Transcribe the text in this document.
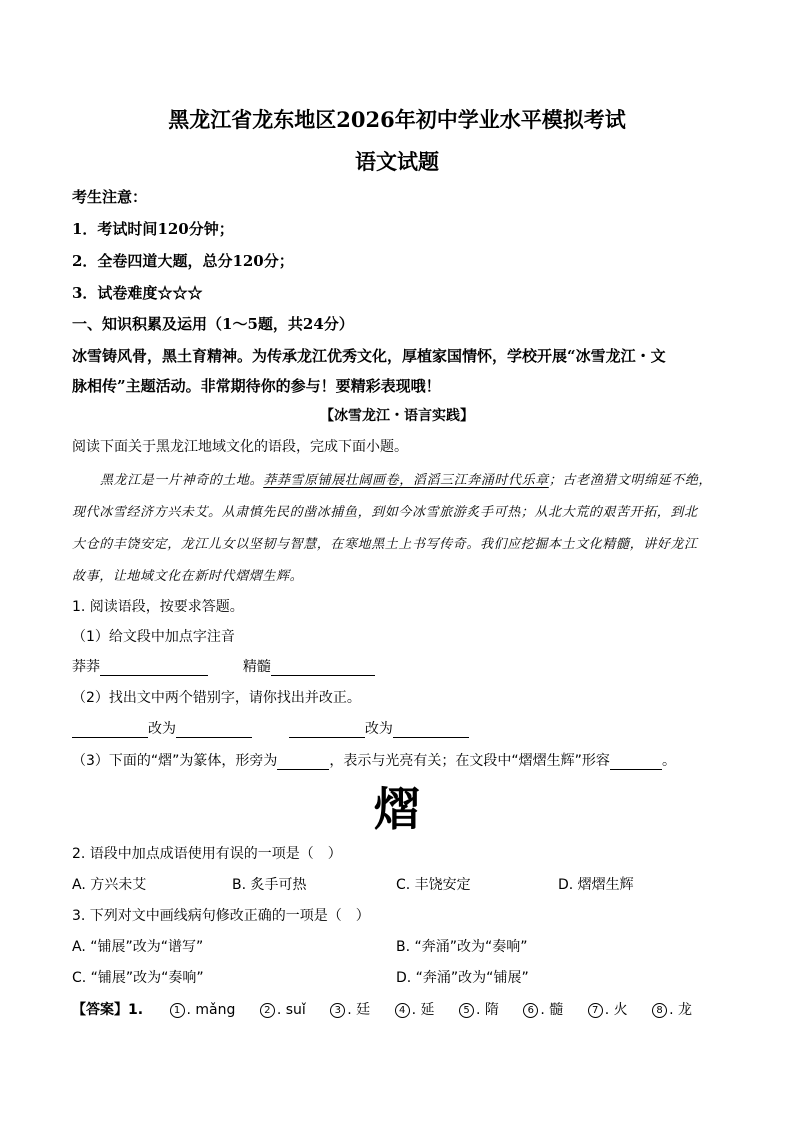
黑龙江省龙东地区2026年初中学业水平模拟考试
语文试题
考生注意：
1．考试时间120分钟；
2．全卷四道大题，总分120分；
3．试卷难度☆☆☆
一、知识积累及运用（1～5题，共24分）
冰雪铸风骨，黑土育精神。为传承龙江优秀文化，厚植家国情怀，学校开展“冰雪龙江・文
脉相传”主题活动。非常期待你的参与！要精彩表现哦！
【冰雪龙江・语言实践】
阅读下面关于黑龙江地域文化的语段，完成下面小题。
黑龙江是一片神奇的土地。莽莽雪原铺展壮阔画卷，滔滔三江奔涌时代乐章；古老渔猎文明绵延不绝，
现代冰雪经济方兴未艾。从肃慎先民的凿冰捕鱼，到如今冰雪旅游炙手可热；从北大荒的艰苦开拓，到北
大仓的丰饶安定，龙江儿女以坚韧与智慧，在寒地黑土上书写传奇。我们应挖掘本土文化精髓，讲好龙江
故事，让地域文化在新时代熠熠生辉。
1. 阅读语段，按要求答题。
（1）给文段中加点字注音
莽莽	精髓
（2）找出文中两个错别字，请你找出并改正。
改为	改为
（3）下面的“熠”为篆体，形旁为	，表示与光亮有关；在文段中“熠熠生辉”形容	。
熠
2. 语段中加点成语使用有误的一项是（　）
A. 方兴未艾	B. 炙手可热	C. 丰饶安定	D. 熠熠生辉
3. 下列对文中画线病句修改正确的一项是（　）
A. “铺展”改为“谱写”	B. “奔涌”改为“奏响”
C. “铺展”改为“奏响”	D. “奔涌”改为“铺展”
【答案】1.	1 . mǎng	2 . suǐ	3 . 廷	4 . 延	5 . 隋	6 . 髓	7 . 火	8 . 龙
